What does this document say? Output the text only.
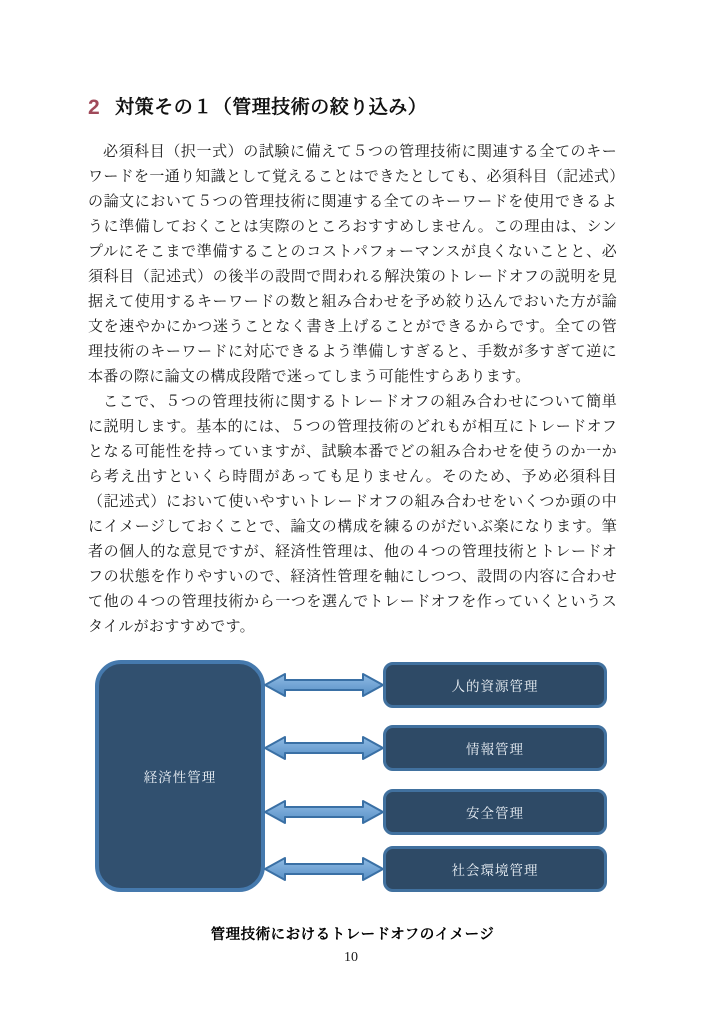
2 対策その１（管理技術の絞り込み）

必須科目（択一式）の試験に備えて５つの管理技術に関連する全てのキーワードを一通り知識として覚えることはできたとしても、必須科目（記述式）の論文において５つの管理技術に関連する全てのキーワードを使用できるように準備しておくことは実際のところおすすめしません。この理由は、シンプルにそこまで準備することのコストパフォーマンスが良くないことと、必須科目（記述式）の後半の設問で問われる解決策のトレードオフの説明を見据えて使用するキーワードの数と組み合わせを予め絞り込んでおいた方が論文を速やかにかつ迷うことなく書き上げることができるからです。全ての管理技術のキーワードに対応できるよう準備しすぎると、手数が多すぎて逆に本番の際に論文の構成段階で迷ってしまう可能性すらあります。

ここで、５つの管理技術に関するトレードオフの組み合わせについて簡単に説明します。基本的には、５つの管理技術のどれもが相互にトレードオフとなる可能性を持っていますが、試験本番でどの組み合わせを使うのか一から考え出すといくら時間があっても足りません。そのため、予め必須科目（記述式）において使いやすいトレードオフの組み合わせをいくつか頭の中にイメージしておくことで、論文の構成を練るのがだいぶ楽になります。筆者の個人的な意見ですが、経済性管理は、他の４つの管理技術とトレードオフの状態を作りやすいので、経済性管理を軸にしつつ、設問の内容に合わせて他の４つの管理技術から一つを選んでトレードオフを作っていくというスタイルがおすすめです。

経済性管理
人的資源管理
情報管理
安全管理
社会環境管理
管理技術におけるトレードオフのイメージ
10
